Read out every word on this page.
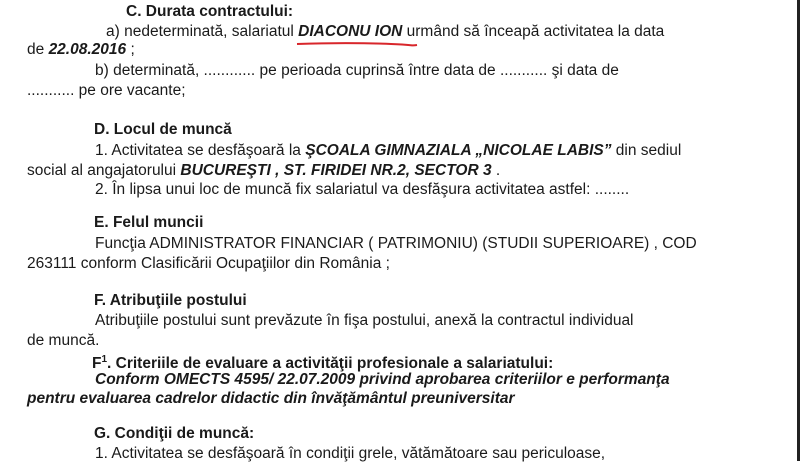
C. Durata contractului:
a) nedeterminată, salariatul DIACONU ION urmând să înceapă activitatea la data
de 22.08.2016 ;
b) determinată, ............ pe perioada cuprinsă între data de ........... şi data de
........... pe ore vacante;
D. Locul de muncă
1. Activitatea se desfăşoară la ŞCOALA GIMNAZIALA „NICOLAE LABIS” din sediul
social al angajatorului BUCUREŞTI , ST. FIRIDEI NR.2, SECTOR 3 .
2. În lipsa unui loc de muncă fix salariatul va desfăşura activitatea astfel: ........
E. Felul muncii
Funcţia ADMINISTRATOR FINANCIAR ( PATRIMONIU) (STUDII SUPERIOARE) , COD
263111 conform Clasificării Ocupaţiilor din România ;
F. Atribuţiile postului
Atribuţiile postului sunt prevăzute în fişa postului, anexă la contractul individual
de muncă.
$F^1$. Criteriile de evaluare a activităţii profesionale a salariatului:
Conform OMECTS 4595/ 22.07.2009 privind aprobarea criteriilor e performanţa
pentru evaluarea cadrelor didactic din învăţământul preuniversitar
G. Condiţii de muncă:
1. Activitatea se desfăşoară în condiţii grele, vătămătoare sau periculoase,
